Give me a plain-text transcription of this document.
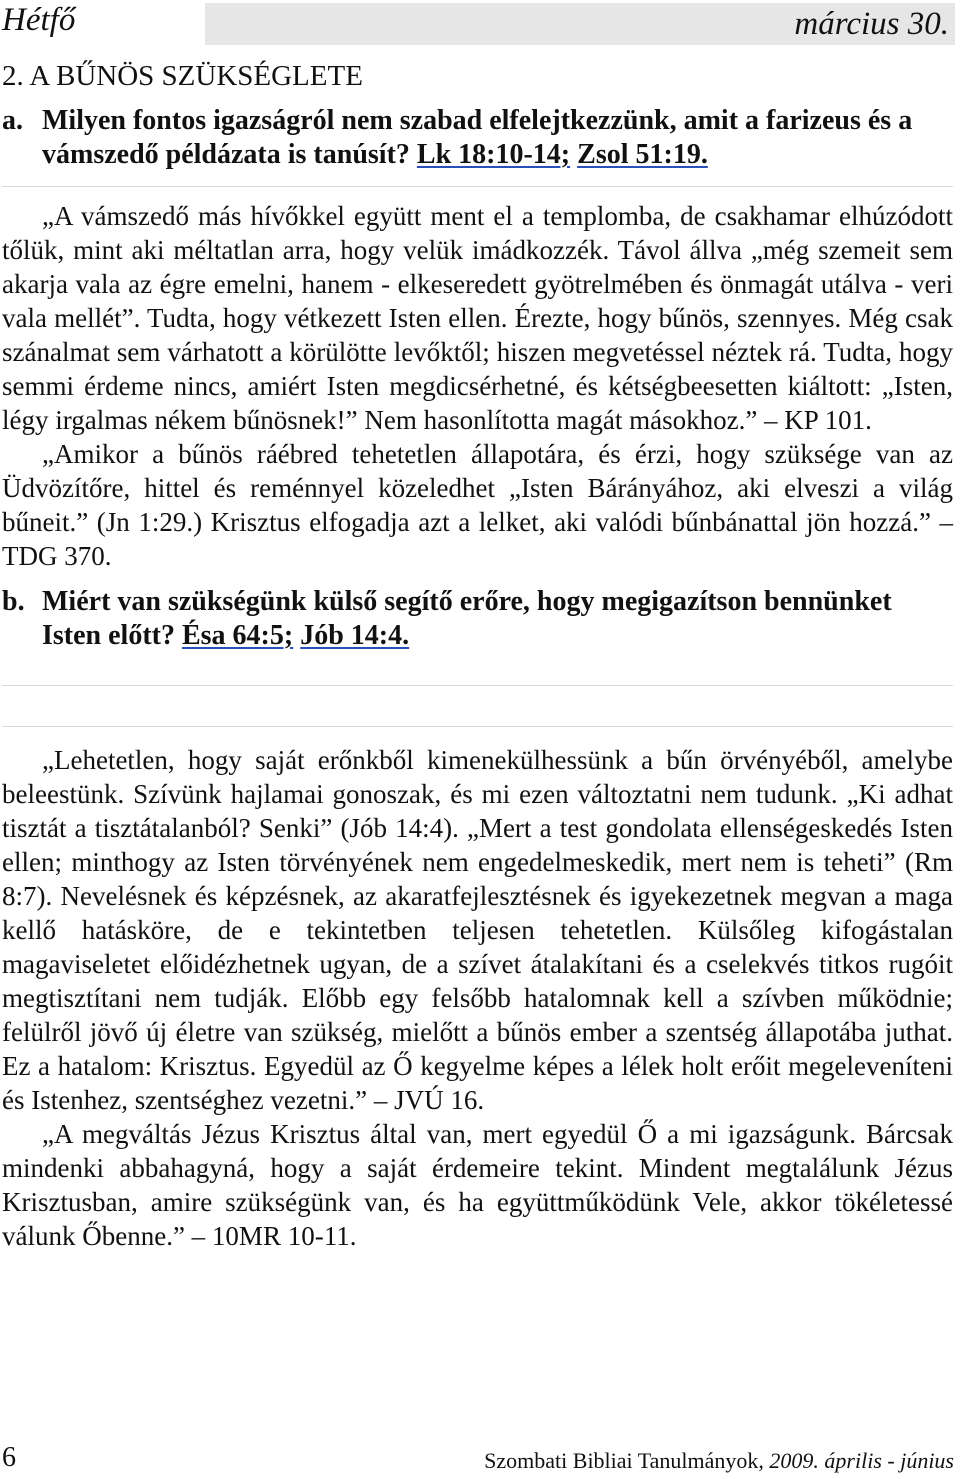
Hétfő	március 30.
2. A BŰNÖS SZÜKSÉGLETE
a. Milyen fontos igazságról nem szabad elfelejtkezzünk, amit a farizeus és a vámszedő példázata is tanúsít? Lk 18:10-14; Zsol 51:19.

„A vámszedő más hívőkkel együtt ment el a templomba, de csakhamar elhúzódott tőlük, mint aki méltatlan arra, hogy velük imádkozzék. Távol állva „még szemeit sem akarja vala az égre emelni, hanem - elkeseredett gyötrelmében és önmagát utálva - veri vala mellét”. Tudta, hogy vétkezett Isten ellen. Érezte, hogy bűnös, szennyes. Még csak szánalmat sem várhatott a körülötte levőktől; hiszen megvetéssel néztek rá. Tudta, hogy semmi érdeme nincs, amiért Isten megdicsérhetné, és kétségbeesetten kiáltott: „Isten, légy irgalmas nékem bűnösnek!” Nem hasonlította magát másokhoz.” – KP 101.

„Amikor a bűnös ráébred tehetetlen állapotára, és érzi, hogy szüksége van az Üdvözítőre, hittel és reménnyel közeledhet „Isten Bárányához, aki elveszi a világ bűneit.” (Jn 1:29.) Krisztus elfogadja azt a lelket, aki valódi bűnbánattal jön hozzá.” – TDG 370.

b. Miért van szükségünk külső segítő erőre, hogy megigazítson bennünket Isten előtt? Ésa 64:5; Jób 14:4.

„Lehetetlen, hogy saját erőnkből kimenekülhessünk a bűn örvényéből, amelybe beleestünk. Szívünk hajlamai gonoszak, és mi ezen változtatni nem tudunk. „Ki adhat tisztát a tisztátalanból? Senki” (Jób 14:4). „Mert a test gondolata ellenségeskedés Isten ellen; minthogy az Isten törvényének nem engedelmeskedik, mert nem is teheti” (Rm 8:7). Nevelésnek és képzésnek, az akaratfejlesztésnek és igyekezetnek megvan a maga kellő hatásköre, de e tekintetben teljesen tehetetlen. Külsőleg kifogástalan magaviseletet előidézhetnek ugyan, de a szívet átalakítani és a cselekvés titkos rugóit megtisztítani nem tudják. Előbb egy felsőbb hatalomnak kell a szívben működnie; felülről jövő új életre van szükség, mielőtt a bűnös ember a szentség állapotába juthat. Ez a hatalom: Krisztus. Egyedül az Ő kegyelme képes a lélek holt erőit megeleveníteni és Istenhez, szentséghez vezetni.” – JVÚ 16.

„A megváltás Jézus Krisztus által van, mert egyedül Ő a mi igazságunk. Bárcsak mindenki abbahagyná, hogy a saját érdemeire tekint. Mindent megtalálunk Jézus Krisztusban, amire szükségünk van, és ha együttműködünk Vele, akkor tökéletessé válunk Őbenne.” – 10MR 10-11.

6	Szombati Bibliai Tanulmányok, 2009. április - június
